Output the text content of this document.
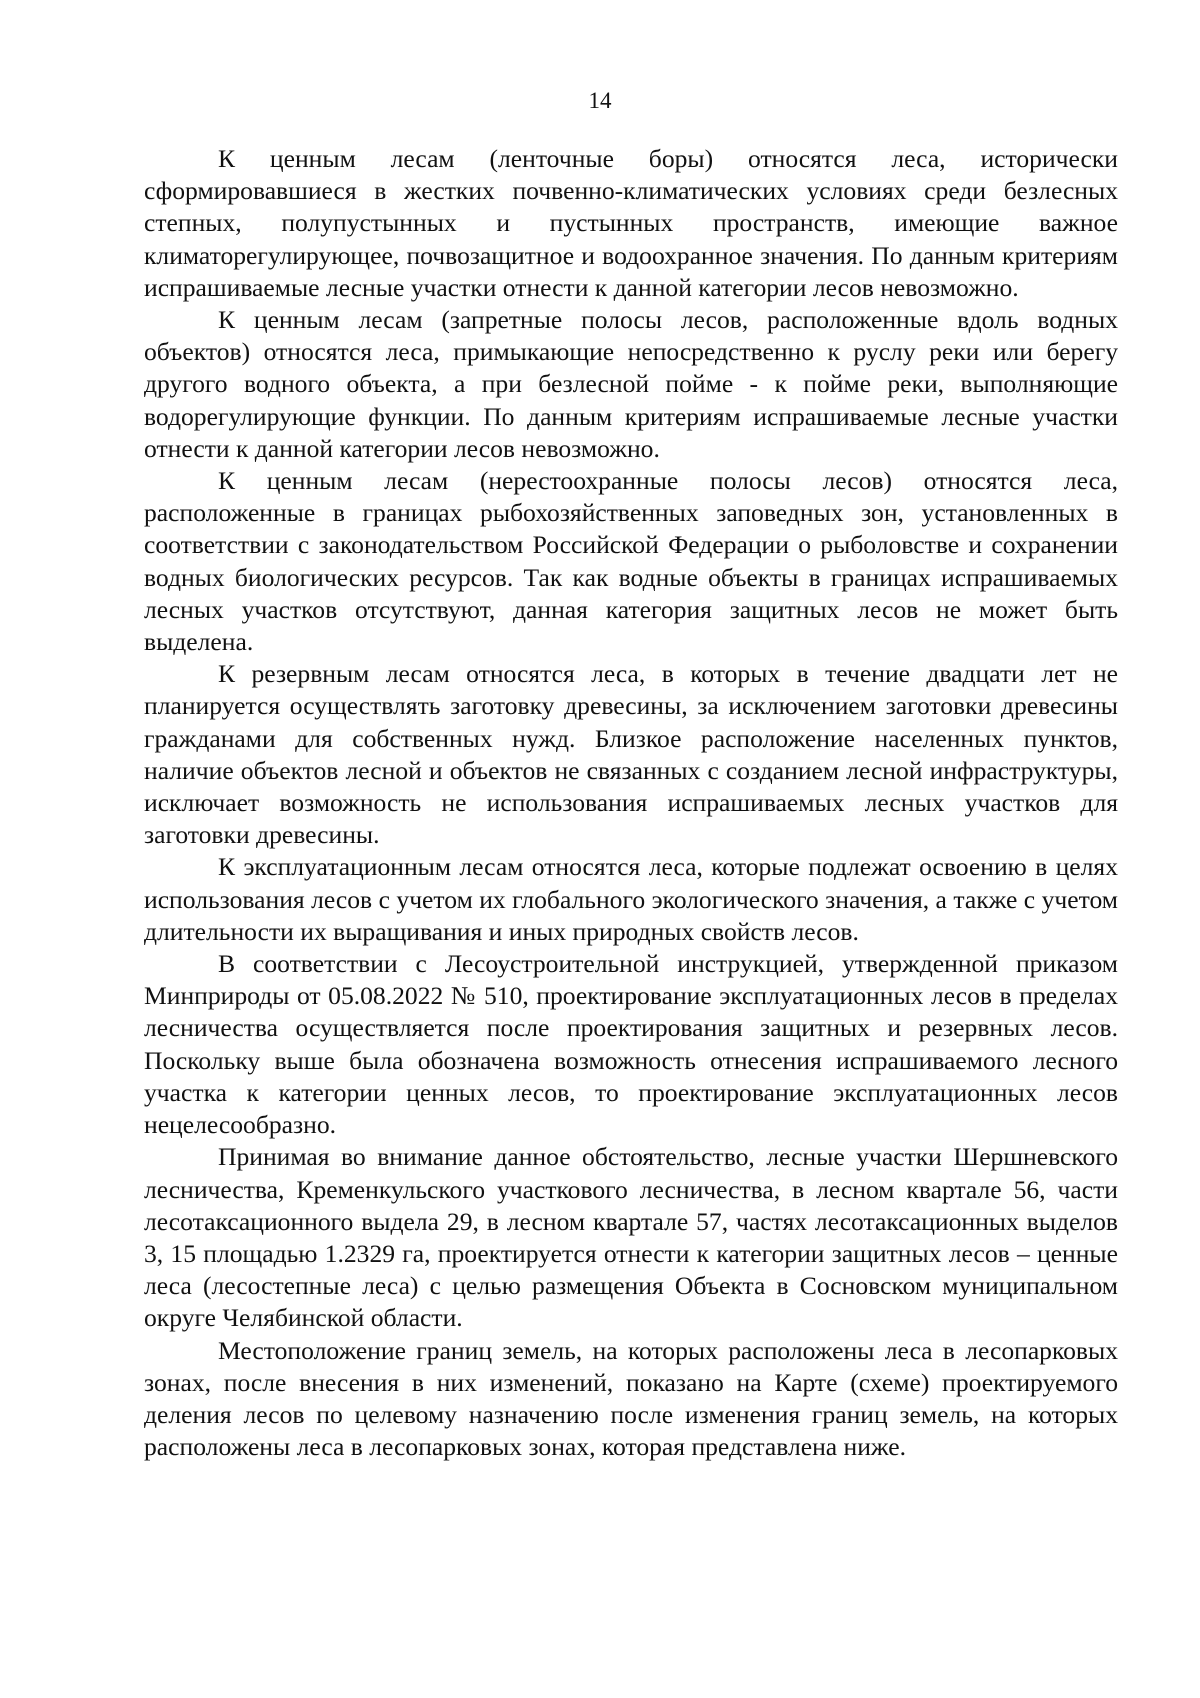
14

К ценным лесам (ленточные боры) относятся леса, исторически сформировавшиеся в жестких почвенно-климатических условиях среди безлесных степных, полупустынных и пустынных пространств, имеющие важное климаторегулирующее, почвозащитное и водоохранное значения. По данным критериям испрашиваемые лесные участки отнести к данной категории лесов невозможно.

К ценным лесам (запретные полосы лесов, расположенные вдоль водных объектов) относятся леса, примыкающие непосредственно к руслу реки или берегу другого водного объекта, а при безлесной пойме - к пойме реки, выполняющие водорегулирующие функции. По данным критериям испрашиваемые лесные участки отнести к данной категории лесов невозможно.

К ценным лесам (нерестоохранные полосы лесов) относятся леса, расположенные в границах рыбохозяйственных заповедных зон, установленных в соответствии с законодательством Российской Федерации о рыболовстве и сохранении водных биологических ресурсов. Так как водные объекты в границах испрашиваемых лесных участков отсутствуют, данная категория защитных лесов не может быть выделена.

К резервным лесам относятся леса, в которых в течение двадцати лет не планируется осуществлять заготовку древесины, за исключением заготовки древесины гражданами для собственных нужд. Близкое расположение населенных пунктов, наличие объектов лесной и объектов не связанных с созданием лесной инфраструктуры, исключает возможность не использования испрашиваемых лесных участков для заготовки древесины.

К эксплуатационным лесам относятся леса, которые подлежат освоению в целях использования лесов с учетом их глобального экологического значения, а также с учетом длительности их выращивания и иных природных свойств лесов.

В соответствии с Лесоустроительной инструкцией, утвержденной приказом Минприроды от 05.08.2022 № 510, проектирование эксплуатационных лесов в пределах лесничества осуществляется после проектирования защитных и резервных лесов. Поскольку выше была обозначена возможность отнесения испрашиваемого лесного участка к категории ценных лесов, то проектирование эксплуатационных лесов нецелесообразно.

Принимая во внимание данное обстоятельство, лесные участки Шершневского лесничества, Кременкульского участкового лесничества, в лесном квартале 56, части лесотаксационного выдела 29, в лесном квартале 57, частях лесотаксационных выделов 3, 15 площадью 1.2329 га, проектируется отнести к категории защитных лесов – ценные леса (лесостепные леса) с целью размещения Объекта в Сосновском муниципальном округе Челябинской области.

Местоположение границ земель, на которых расположены леса в лесопарковых зонах, после внесения в них изменений, показано на Карте (схеме) проектируемого деления лесов по целевому назначению после изменения границ земель, на которых расположены леса в лесопарковых зонах, которая представлена ниже.
